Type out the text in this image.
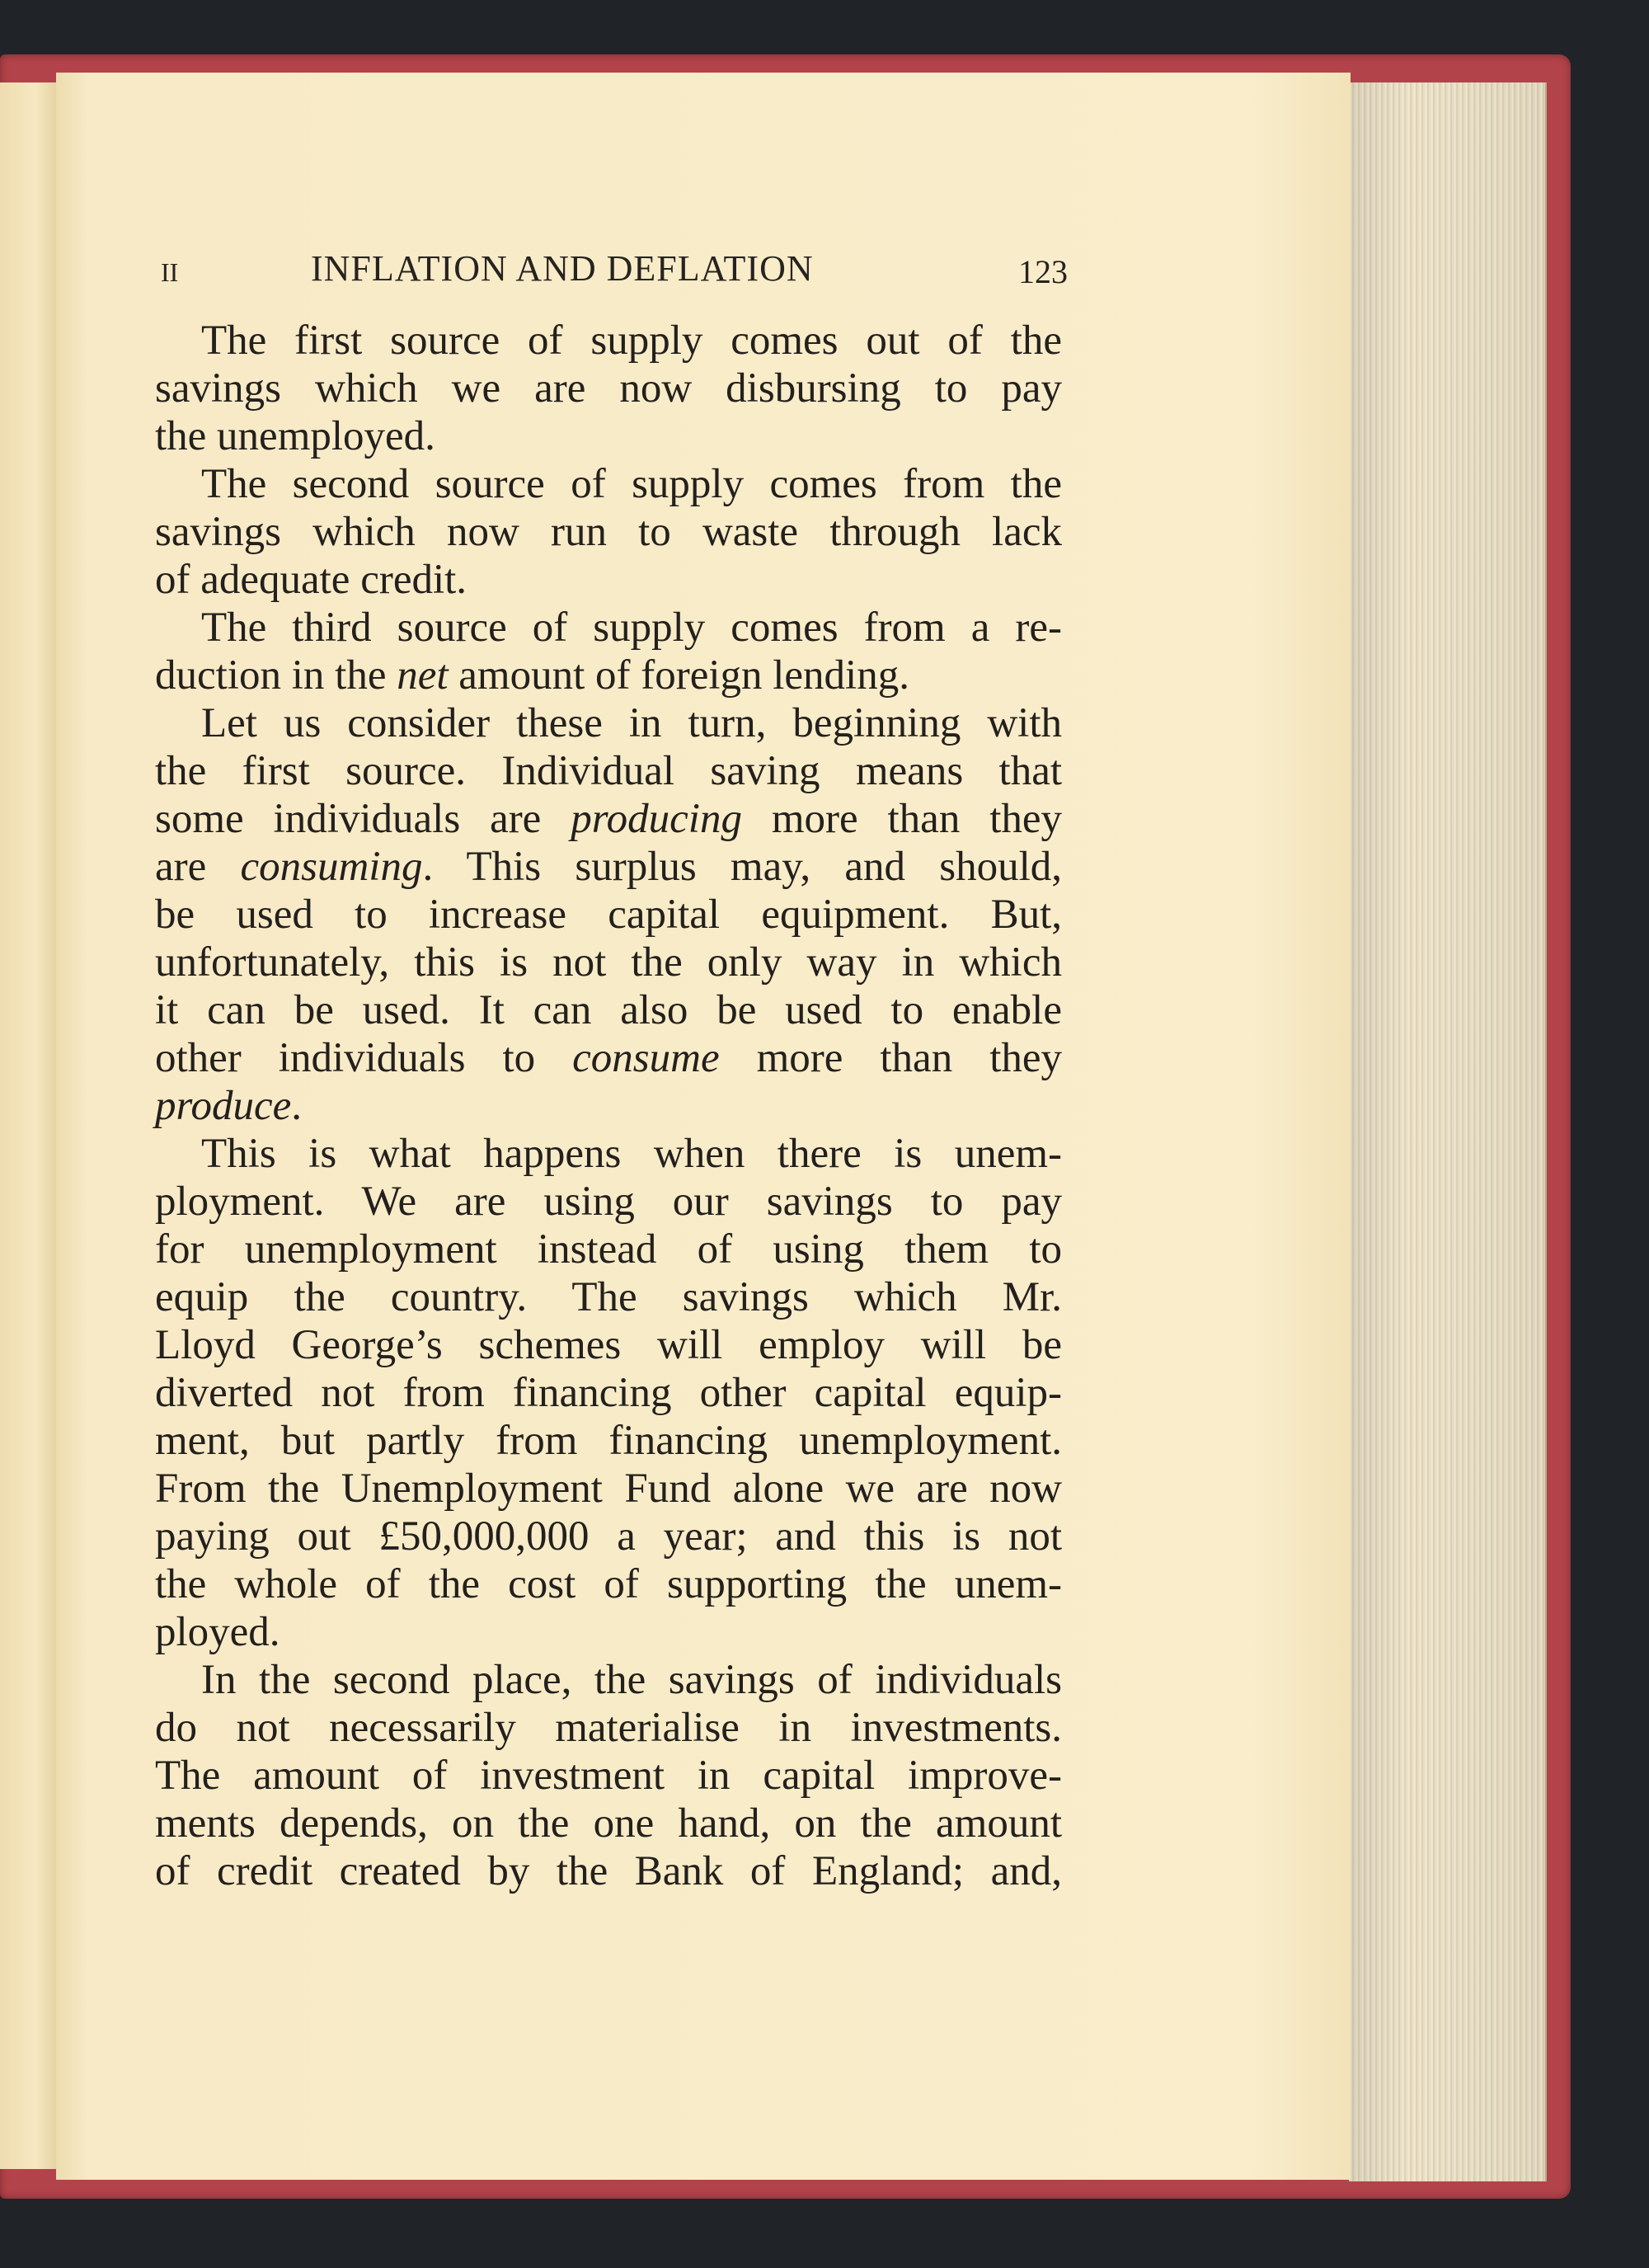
II	INFLATION AND DEFLATION	123
The first source of supply comes out of the
savings which we are now disbursing to pay
the unemployed.
The second source of supply comes from the
savings which now run to waste through lack
of adequate credit.
The third source of supply comes from a re-
duction in the net amount of foreign lending.
Let us consider these in turn, beginning with
the first source. Individual saving means that
some individuals are producing more than they
are consuming. This surplus may, and should,
be used to increase capital equipment. But,
unfortunately, this is not the only way in which
it can be used. It can also be used to enable
other individuals to consume more than they
produce.
This is what happens when there is unem-
ployment. We are using our savings to pay
for unemployment instead of using them to
equip the country. The savings which Mr.
Lloyd George’s schemes will employ will be
diverted not from financing other capital equip-
ment, but partly from financing unemployment.
From the Unemployment Fund alone we are now
paying out £50,000,000 a year; and this is not
the whole of the cost of supporting the unem-
ployed.
In the second place, the savings of individuals
do not necessarily materialise in investments.
The amount of investment in capital improve-
ments depends, on the one hand, on the amount
of credit created by the Bank of England; and,
